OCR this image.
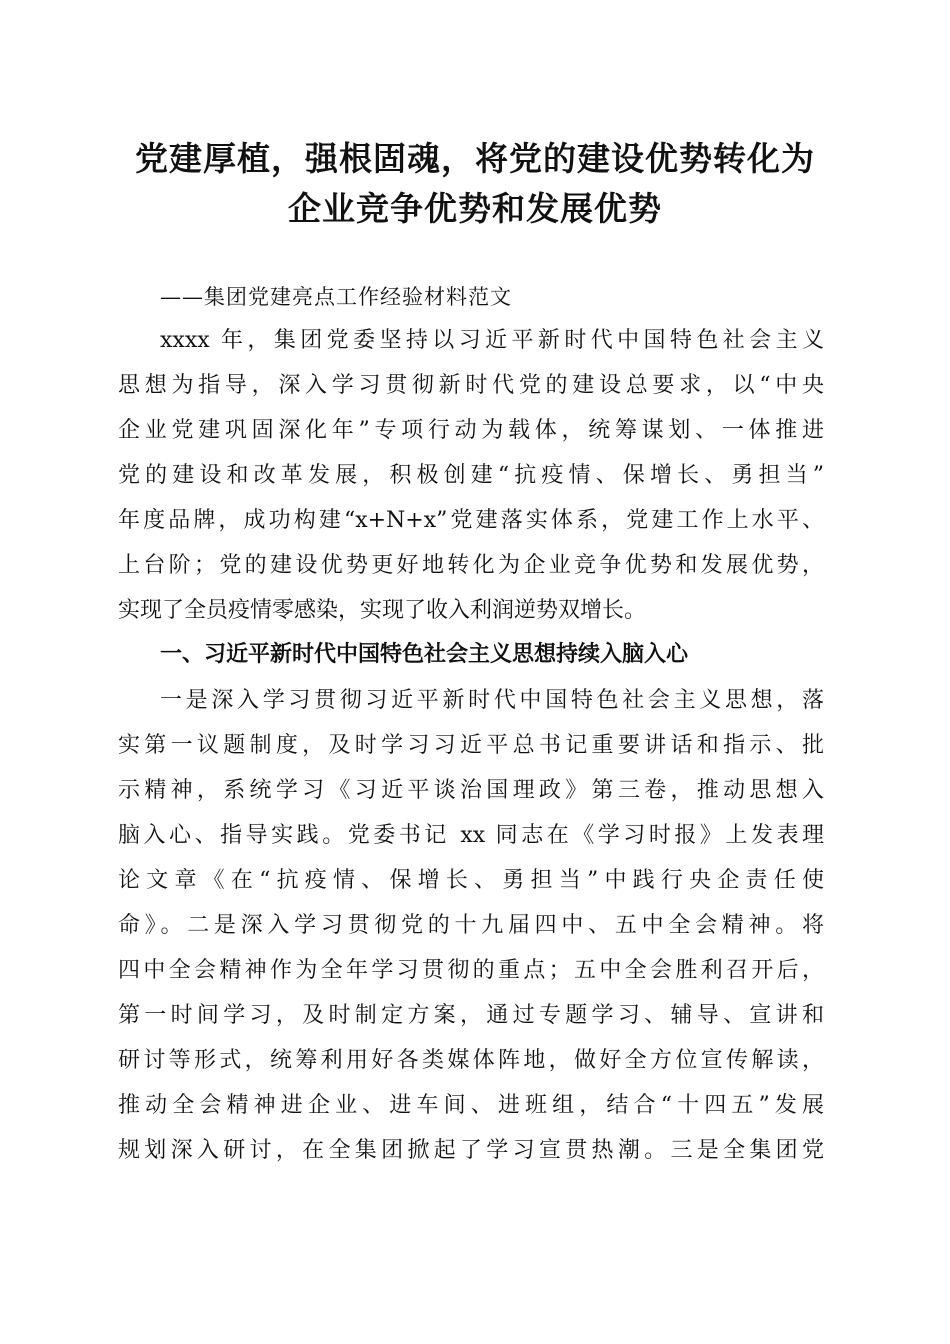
党建厚植，强根固魂，将党的建设优势转化为
企业竞争优势和发展优势
——集团党建亮点工作经验材料范文
xxxx 年，集团党委坚持以习近平新时代中国特色社会主义
思想为指导，深入学习贯彻新时代党的建设总要求，以“中央
企业党建巩固深化年”专项行动为载体，统筹谋划、一体推进
党的建设和改革发展，积极创建“抗疫情、保增长、勇担当”
年度品牌，成功构建“x+N+x”党建落实体系，党建工作上水平、
上台阶；党的建设优势更好地转化为企业竞争优势和发展优势，
实现了全员疫情零感染，实现了收入利润逆势双增长。
一、习近平新时代中国特色社会主义思想持续入脑入心
一是深入学习贯彻习近平新时代中国特色社会主义思想，落
实第一议题制度，及时学习习近平总书记重要讲话和指示、批
示精神，系统学习《习近平谈治国理政》第三卷，推动思想入
脑入心、指导实践。党委书记 xx 同志在《学习时报》上发表理
论文章《在“抗疫情、保增长、勇担当”中践行央企责任使
命》。二是深入学习贯彻党的十九届四中、五中全会精神。将
四中全会精神作为全年学习贯彻的重点；五中全会胜利召开后，
第一时间学习，及时制定方案，通过专题学习、辅导、宣讲和
研讨等形式，统筹利用好各类媒体阵地，做好全方位宣传解读，
推动全会精神进企业、进车间、进班组，结合“十四五”发展
规划深入研讨，在全集团掀起了学习宣贯热潮。三是全集团党
